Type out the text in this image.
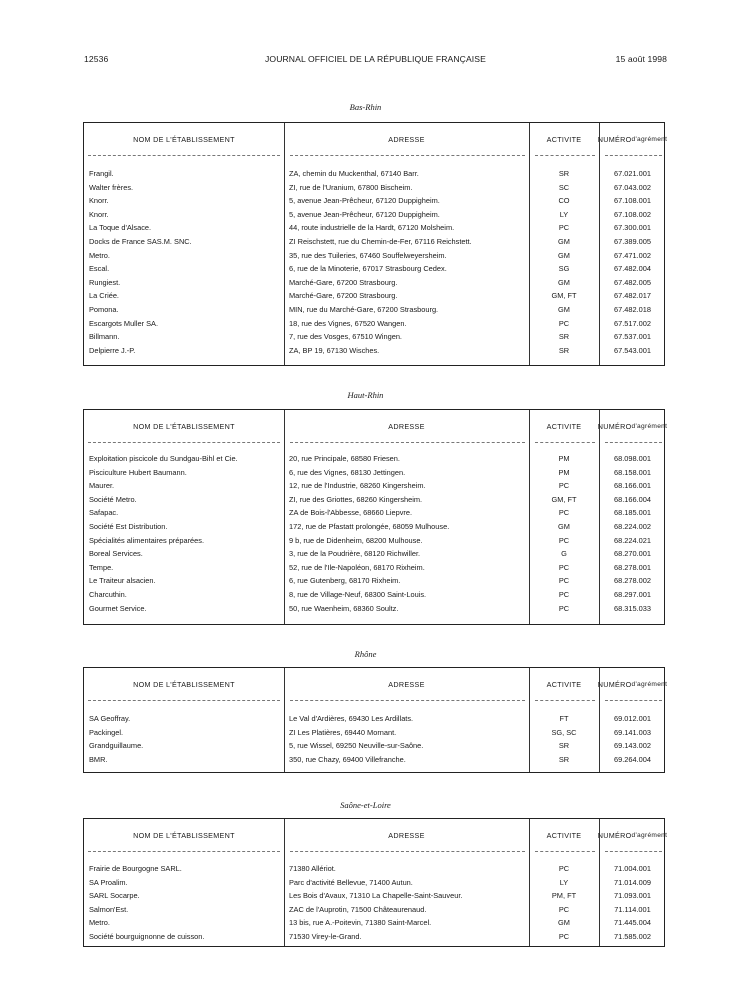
12536	JOURNAL OFFICIEL DE LA RÉPUBLIQUE FRANÇAISE	15 août 1998
Bas-Rhin
NOM DE L'ÉTABLISSEMENT	ADRESSE	ACTIVITE	NUMÉRO d'agrément
Frangil.	ZA, chemin du Muckenthal, 67140 Barr.	SR	67.021.001
Walter frères.	ZI, rue de l'Uranium, 67800 Bischeim.	SC	67.043.002
Knorr.	5, avenue Jean-Prêcheur, 67120 Duppigheim.	CO	67.108.001
Knorr.	5, avenue Jean-Prêcheur, 67120 Duppigheim.	LY	67.108.002
La Toque d'Alsace.	44, route industrielle de la Hardt, 67120 Molsheim.	PC	67.300.001
Docks de France SAS.M. SNC.	ZI Reischstett, rue du Chemin-de-Fer, 67116 Reichstett.	GM	67.389.005
Metro.	35, rue des Tuileries, 67460 Souffelweyersheim.	GM	67.471.002
Escal.	6, rue de la Minoterie, 67017 Strasbourg Cedex.	SG	67.482.004
Rungiest.	Marché-Gare, 67200 Strasbourg.	GM	67.482.005
La Criée.	Marché-Gare, 67200 Strasbourg.	GM, FT	67.482.017
Pomona.	MIN, rue du Marché-Gare, 67200 Strasbourg.	GM	67.482.018
Escargots Muller SA.	18, rue des Vignes, 67520 Wangen.	PC	67.517.002
Billmann.	7, rue des Vosges, 67510 Wingen.	SR	67.537.001
Delpierre J.-P.	ZA, BP 19, 67130 Wisches.	SR	67.543.001
Haut-Rhin
NOM DE L'ÉTABLISSEMENT	ADRESSE	ACTIVITE	NUMÉRO d'agrément
Exploitation piscicole du Sundgau-Bihl et Cie.	20, rue Principale, 68580 Friesen.	PM	68.098.001
Pisciculture Hubert Baumann.	6, rue des Vignes, 68130 Jettingen.	PM	68.158.001
Maurer.	12, rue de l'Industrie, 68260 Kingersheim.	PC	68.166.001
Société Metro.	ZI, rue des Griottes, 68260 Kingersheim.	GM, FT	68.166.004
Safapac.	ZA de Bois-l'Abbesse, 68660 Liepvre.	PC	68.185.001
Société Est Distribution.	172, rue de Pfastatt prolongée, 68059 Mulhouse.	GM	68.224.002
Spécialités alimentaires préparées.	9 b, rue de Didenheim, 68200 Mulhouse.	PC	68.224.021
Boreal Services.	3, rue de la Poudrière, 68120 Richwiller.	G	68.270.001
Tempe.	52, rue de l'Ile-Napoléon, 68170 Rixheim.	PC	68.278.001
Le Traiteur alsacien.	6, rue Gutenberg, 68170 Rixheim.	PC	68.278.002
Charcuthin.	8, rue de Village-Neuf, 68300 Saint-Louis.	PC	68.297.001
Gourmet Service.	50, rue Waenheim, 68360 Soultz.	PC	68.315.033
Rhône
NOM DE L'ÉTABLISSEMENT	ADRESSE	ACTIVITE	NUMÉRO d'agrément
SA Geoffray.	Le Val d'Ardières, 69430 Les Ardillats.	FT	69.012.001
Packingel.	ZI Les Platières, 69440 Mornant.	SG, SC	69.141.003
Grandguillaume.	5, rue Wissel, 69250 Neuville-sur-Saône.	SR	69.143.002
BMR.	350, rue Chazy, 69400 Villefranche.	SR	69.264.004
Saône-et-Loire
NOM DE L'ÉTABLISSEMENT	ADRESSE	ACTIVITE	NUMÉRO d'agrément
Frairie de Bourgogne SARL.	71380 Allériot.	PC	71.004.001
SA Proalim.	Parc d'activité Bellevue, 71400 Autun.	LY	71.014.009
SARL Socarpe.	Les Bois d'Avaux, 71310 La Chapelle-Saint-Sauveur.	PM, FT	71.093.001
Salmon'Est.	ZAC de l'Auprotin, 71500 Châteaurenaud.	PC	71.114.001
Metro.	13 bis, rue A.-Poitevin, 71380 Saint-Marcel.	GM	71.445.004
Société bourguignonne de cuisson.	71530 Virey-le-Grand.	PC	71.585.002
